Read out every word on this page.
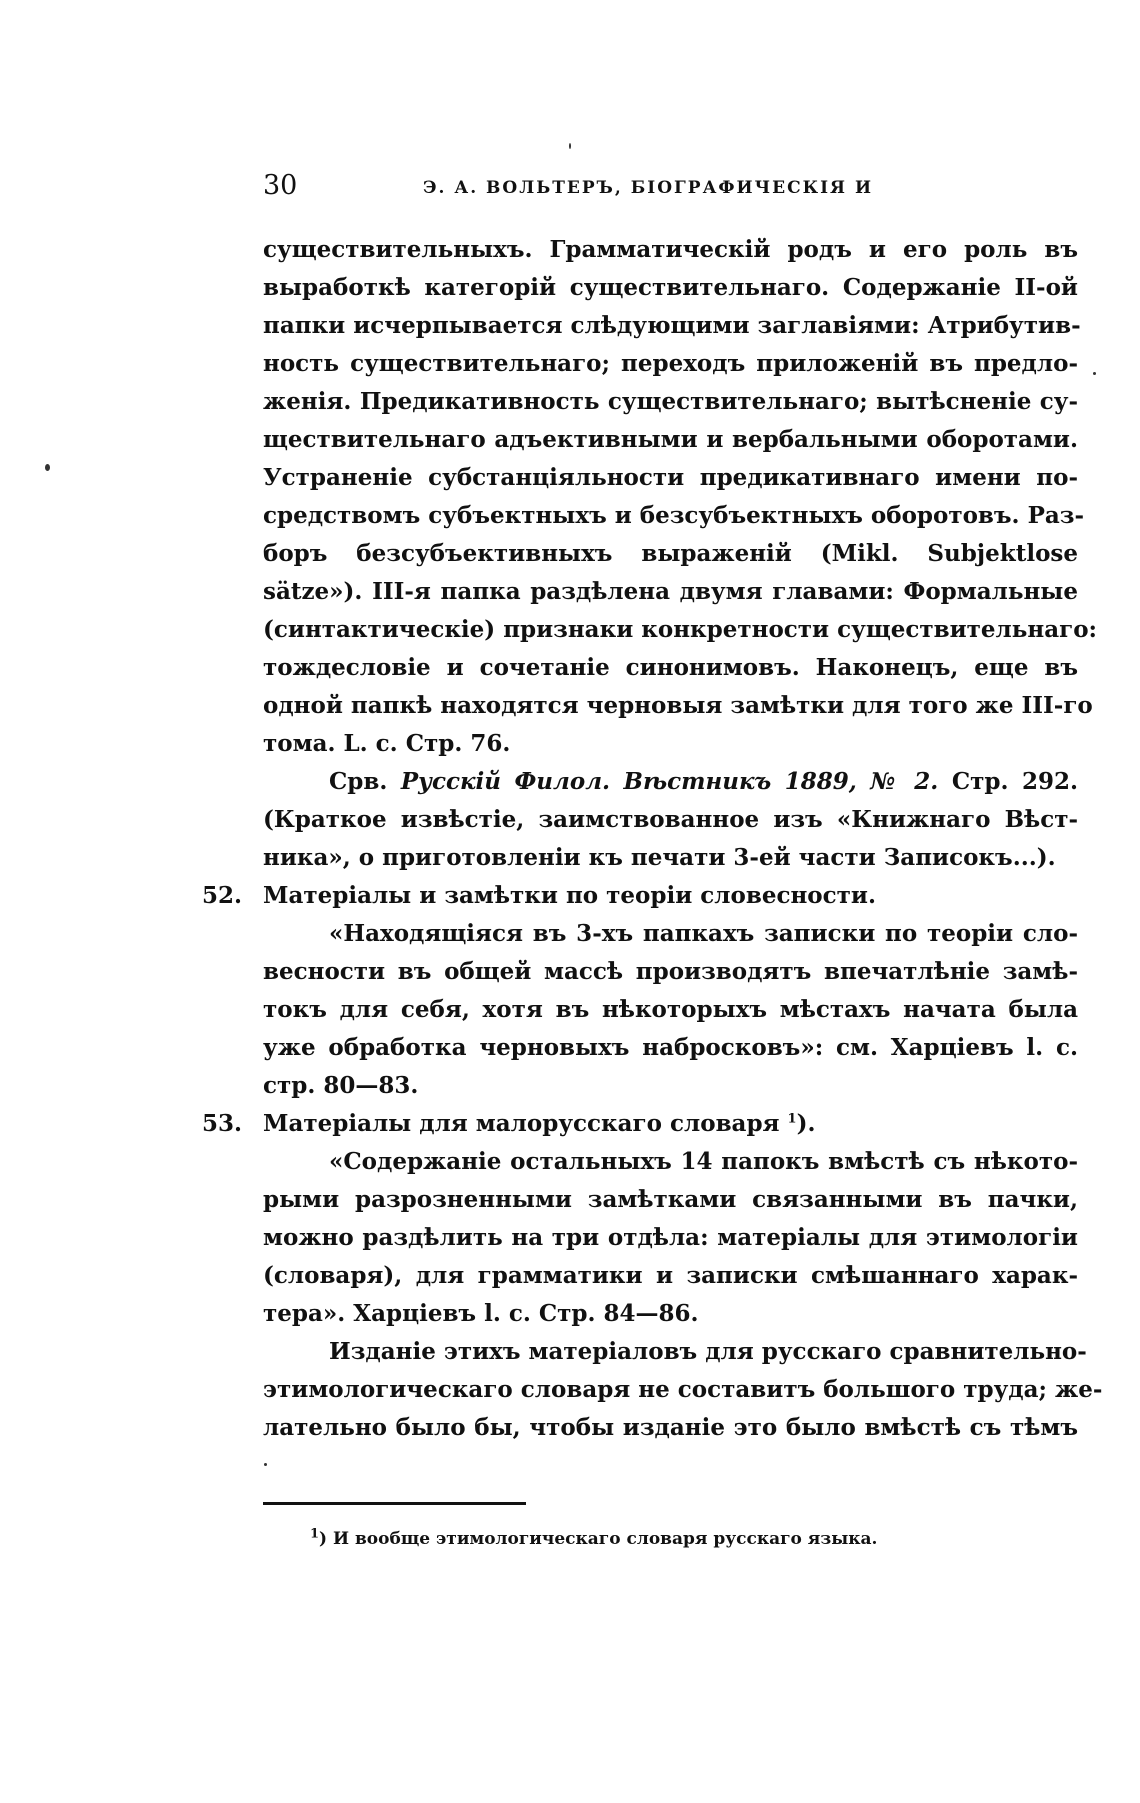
30	Э. А. ВОЛЬТЕРЪ, БІОГРАФИЧЕСКІЯ И
существительныхъ. Грамматическій родъ и его роль въ
выработкѣ категорій существительнаго. Содержаніе II-ой
папки исчерпывается слѣдующими заглавіями: Атрибутив-
ность существительнаго; переходъ приложеній въ предло-
женія. Предикативность существительнаго; вытѣсненіе су-
ществительнаго адъективными и вербальными оборотами.
Устраненіе субстанціяльности предикативнаго имени по-
средствомъ субъектныхъ и безсубъектныхъ оборотовъ. Раз-
боръ безсубъективныхъ выраженій (Mikl. Subjektlose
sätze»). III-я папка раздѣлена двумя главами: Формальные
(синтактическіе) признаки конкретности существительнаго:
тождесловіе и сочетаніе синонимовъ. Наконецъ, еще въ
одной папкѣ находятся черновыя замѣтки для того же III-го
тома. L. c. Стр. 76.
Срв. Русскій Филол. Вѣстникъ 1889, № 2. Стр. 292.
(Краткое извѣстіе, заимствованное изъ «Книжнаго Вѣст-
ника», о приготовленіи къ печати 3-ей части Записокъ...).
52. Матеріалы и замѣтки по теоріи словесности.
«Находящіяся въ 3-хъ папкахъ записки по теоріи сло-
весности въ общей массѣ производятъ впечатлѣніе замѣ-
токъ для себя, хотя въ нѣкоторыхъ мѣстахъ начата была
уже обработка черновыхъ набросковъ»: см. Харціевъ l. c.
стр. 80—83.
53. Матеріалы для малорусскаго словаря $^1$).
«Содержаніе остальныхъ 14 папокъ вмѣстѣ съ нѣкото-
рыми разрозненными замѣтками связанными въ пачки,
можно раздѣлить на три отдѣла: матеріалы для этимологіи
(словаря), для грамматики и записки смѣшаннаго харак-
тера». Харціевъ l. c. Стр. 84—86.
Изданіе этихъ матеріаловъ для русскаго сравнительно-
этимологическаго словаря не составитъ большого труда; же-
лательно было бы, чтобы изданіе это было вмѣстѣ съ тѣмъ
$^1$) И вообще этимологическаго словаря русскаго языка.
